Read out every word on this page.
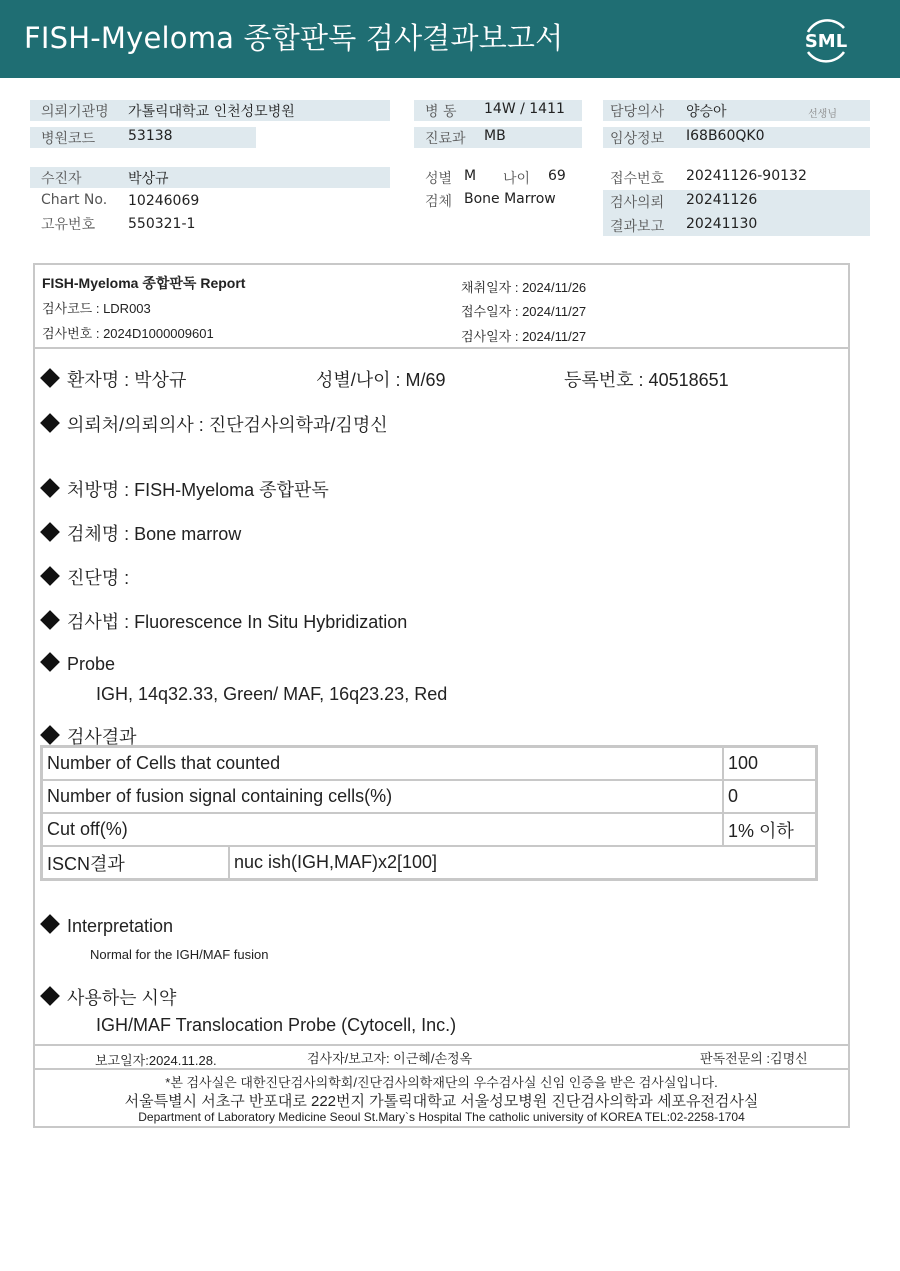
FISH-Myeloma 종합판독 검사결과보고서	SML
의뢰기관명 가톨릭대학교 인천성모병원
병원코드 53138
병 동 14W / 1411
진료과 MB
담당의사 양승아	선생님
임상정보 I68B60QK0
수진자	박상규
Chart No. 10246069
고유번호 550321-1
성별 M 나이 69
검체 Bone Marrow
접수번호 20241126-90132
검사의뢰 20241126
결과보고 20241130
FISH-Myeloma 종합판독 Report
검사코드 : LDR003
검사번호 : 2024D1000009601
채취일자 : 2024/11/26
접수일자 : 2024/11/27
검사일자 : 2024/11/27
환자명 : 박상규	성별/나이 : M/69	등록번호 : 40518651
의뢰처/의뢰의사 : 진단검사의학과/김명신
처방명 : FISH-Myeloma 종합판독
검체명 : Bone marrow
진단명 :
검사법 : Fluorescence In Situ Hybridization
Probe
IGH, 14q32.33, Green/ MAF, 16q23.23, Red
검사결과
Number of Cells that counted		100
Number of fusion signal containing cells(%)		0
Cut off(%)		1% 이하
ISCN결과	nuc ish(IGH,MAF)x2[100]	
Interpretation
Normal for the IGH/MAF fusion
사용하는 시약
IGH/MAF Translocation Probe (Cytocell, Inc.)
보고일자:2024.11.28.	검사자/보고자: 이근혜/손정옥	판독전문의 :김명신
*본 검사실은 대한진단검사의학회/진단검사의학재단의 우수검사실 신임 인증을 받은 검사실입니다.
서울특별시 서초구 반포대로 222번지 가톨릭대학교 서울성모병원 진단검사의학과 세포유전검사실
Department of Laboratory Medicine Seoul St.Mary`s Hospital The catholic university of KOREA TEL:02-2258-1704
